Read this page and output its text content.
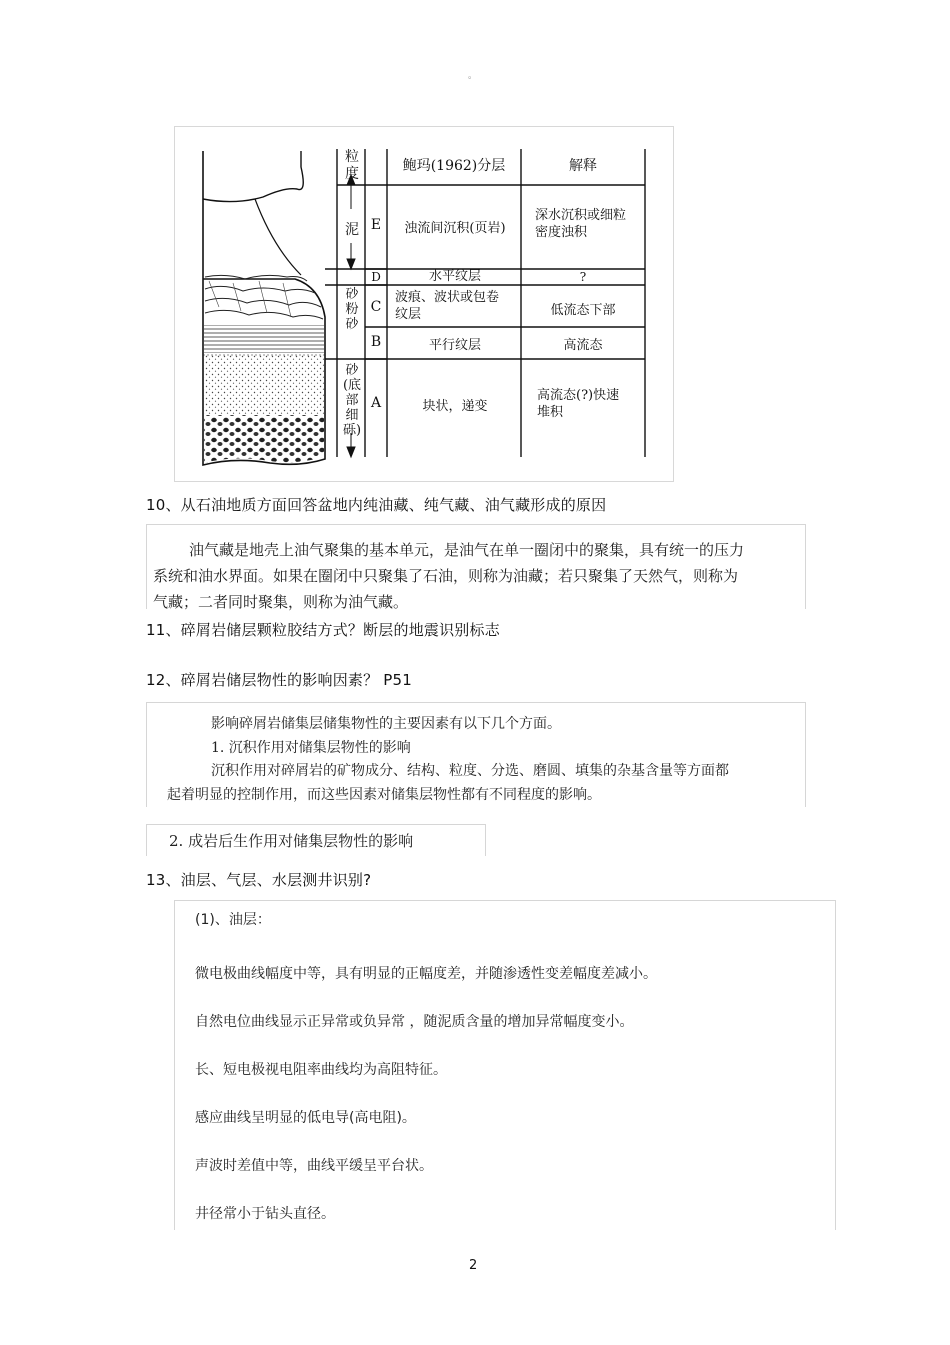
。
粒度	鲍玛(1962)分层	解释
泥
砂粉砂
砂(底部细砾)
E
D
C
B
A
浊流间沉积(页岩)
水平纹层
波痕、波状或包卷纹层
平行纹层
块状，递变
深水沉积或细粒密度浊积
?
低流态下部
高流态
高流态(?)快速堆积
10、从石油地质方面回答盆地内纯油藏、纯气藏、油气藏形成的原因

油气藏是地壳上油气聚集的基本单元，是油气在单一圈闭中的聚集，具有统一的压力

系统和油水界面。如果在圈闭中只聚集了石油，则称为油藏；若只聚集了天然气，则称为

气藏；二者同时聚集，则称为油气藏。

11、碎屑岩储层颗粒胶结方式？断层的地震识别标志
12、碎屑岩储层物性的影响因素？ P51

影响碎屑岩储集层储集物性的主要因素有以下几个方面。

1. 沉积作用对储集层物性的影响

沉积作用对碎屑岩的矿物成分、结构、粒度、分选、磨圆、填集的杂基含量等方面都

起着明显的控制作用，而这些因素对储集层物性都有不同程度的影响。

2. 成岩后生作用对储集层物性的影响

13、油层、气层、水层测井识别?

(1)、油层：

微电极曲线幅度中等，具有明显的正幅度差，并随渗透性变差幅度差减小。

自然电位曲线显示正异常或负异常 ，随泥质含量的增加异常幅度变小。

长、短电极视电阻率曲线均为高阻特征。

感应曲线呈明显的低电导(高电阻)。

声波时差值中等，曲线平缓呈平台状。

井径常小于钻头直径。

2
